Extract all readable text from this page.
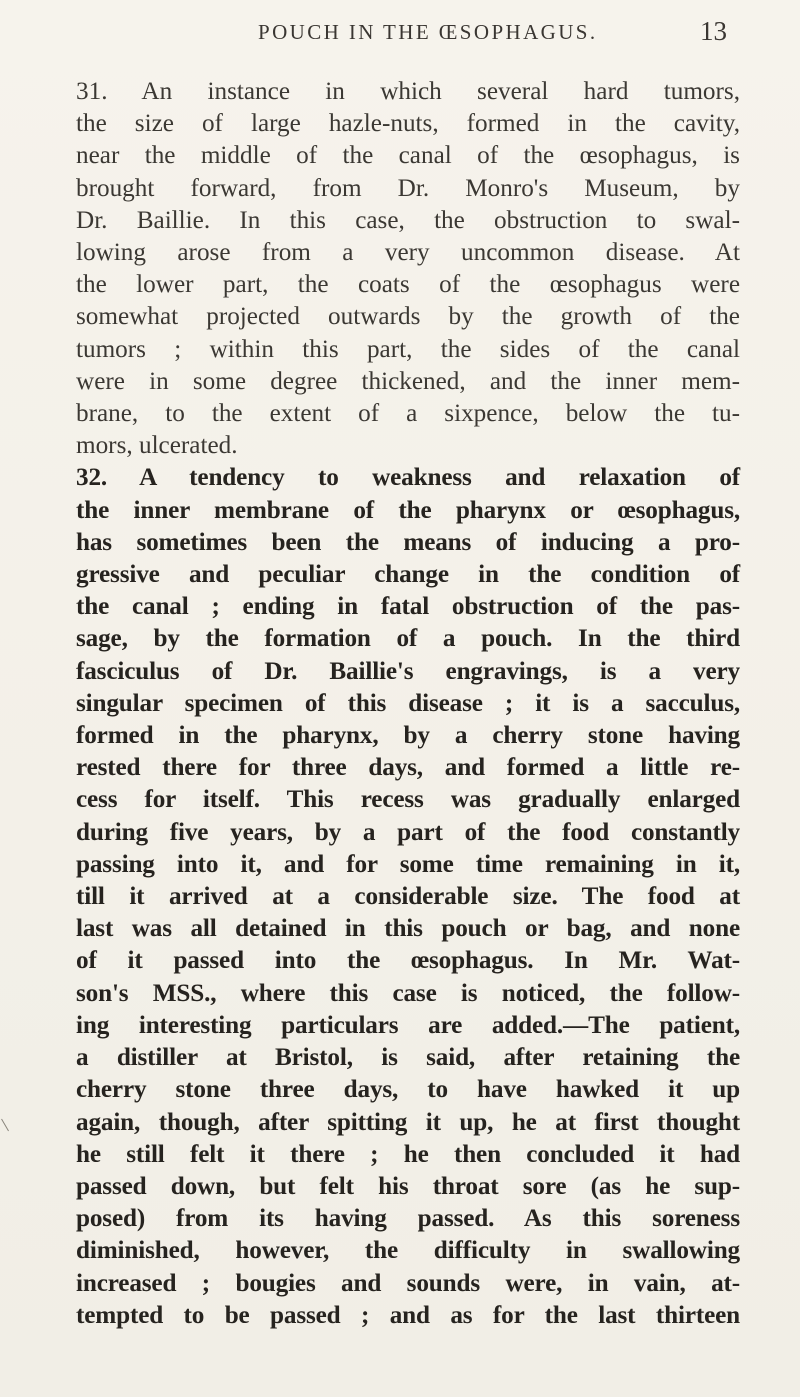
POUCH IN THE ŒSOPHAGUS.	13

31. An instance in which several hard tumors,
the size of large hazle-nuts, formed in the cavity,
near the middle of the canal of the œsophagus, is
brought forward, from Dr. Monro's Museum, by
Dr. Baillie. In this case, the obstruction to swal-
lowing arose from a very uncommon disease. At
the lower part, the coats of the œsophagus were
somewhat projected outwards by the growth of the
tumors ; within this part, the sides of the canal
were in some degree thickened, and the inner mem-
brane, to the extent of a sixpence, below the tu-
mors, ulcerated.

32. A tendency to weakness and relaxation of
the inner membrane of the pharynx or œsophagus,
has sometimes been the means of inducing a pro-
gressive and peculiar change in the condition of
the canal ; ending in fatal obstruction of the pas-
sage, by the formation of a pouch. In the third
fasciculus of Dr. Baillie's engravings, is a very
singular specimen of this disease ; it is a sacculus,
formed in the pharynx, by a cherry stone having
rested there for three days, and formed a little re-
cess for itself. This recess was gradually enlarged
during five years, by a part of the food constantly
passing into it, and for some time remaining in it,
till it arrived at a considerable size. The food at
last was all detained in this pouch or bag, and none
of it passed into the œsophagus. In Mr. Wat-
son's MSS., where this case is noticed, the follow-
ing interesting particulars are added.—The patient,
a distiller at Bristol, is said, after retaining the
cherry stone three days, to have hawked it up
again, though, after spitting it up, he at first thought
he still felt it there ; he then concluded it had
passed down, but felt his throat sore (as he sup-
posed) from its having passed. As this soreness
diminished, however, the difficulty in swallowing
increased ; bougies and sounds were, in vain, at-
tempted to be passed ; and as for the last thirteen
